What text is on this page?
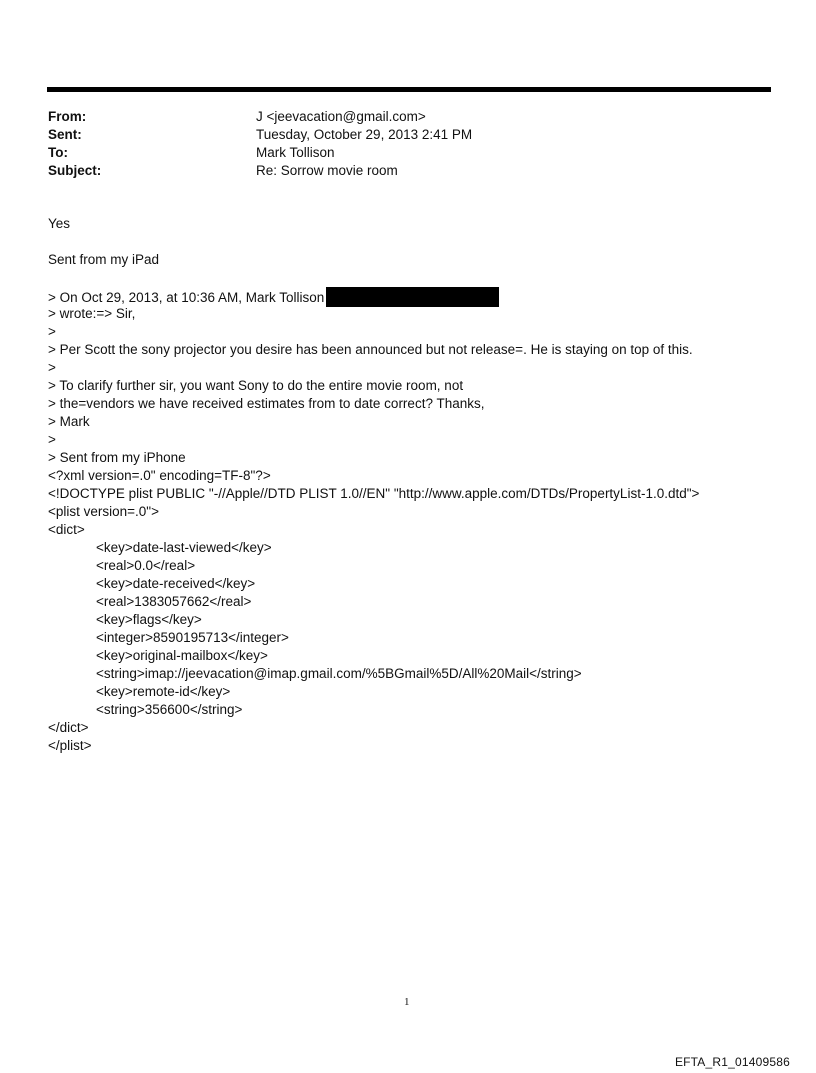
From:	J <jeevacation@gmail.com>
Sent:	Tuesday, October 29, 2013 2:41 PM
To:	Mark Tollison
Subject:	Re: Sorrow movie room
Yes
Sent from my iPad
> On Oct 29, 2013, at 10:36 AM, Mark Tollison
> wrote:=> Sir,
>
> Per Scott the sony projector you desire has been announced but not release=. He is staying on top of this.
>
> To clarify further sir, you want Sony to do the entire movie room, not
> the=vendors we have received estimates from to date correct? Thanks,
> Mark
>
> Sent from my iPhone
<?xml version=.0" encoding=TF-8"?>
<!DOCTYPE plist PUBLIC "-//Apple//DTD PLIST 1.0//EN" "http://www.apple.com/DTDs/PropertyList-1.0.dtd">
<plist version=.0">
<dict>
<key>date-last-viewed</key>
<real>0.0</real>
<key>date-received</key>
<real>1383057662</real>
<key>flags</key>
<integer>8590195713</integer>
<key>original-mailbox</key>
<string>imap://jeevacation@imap.gmail.com/%5BGmail%5D/All%20Mail</string>
<key>remote-id</key>
<string>356600</string>
</dict>
</plist>
1
EFTA_R1_01409586
